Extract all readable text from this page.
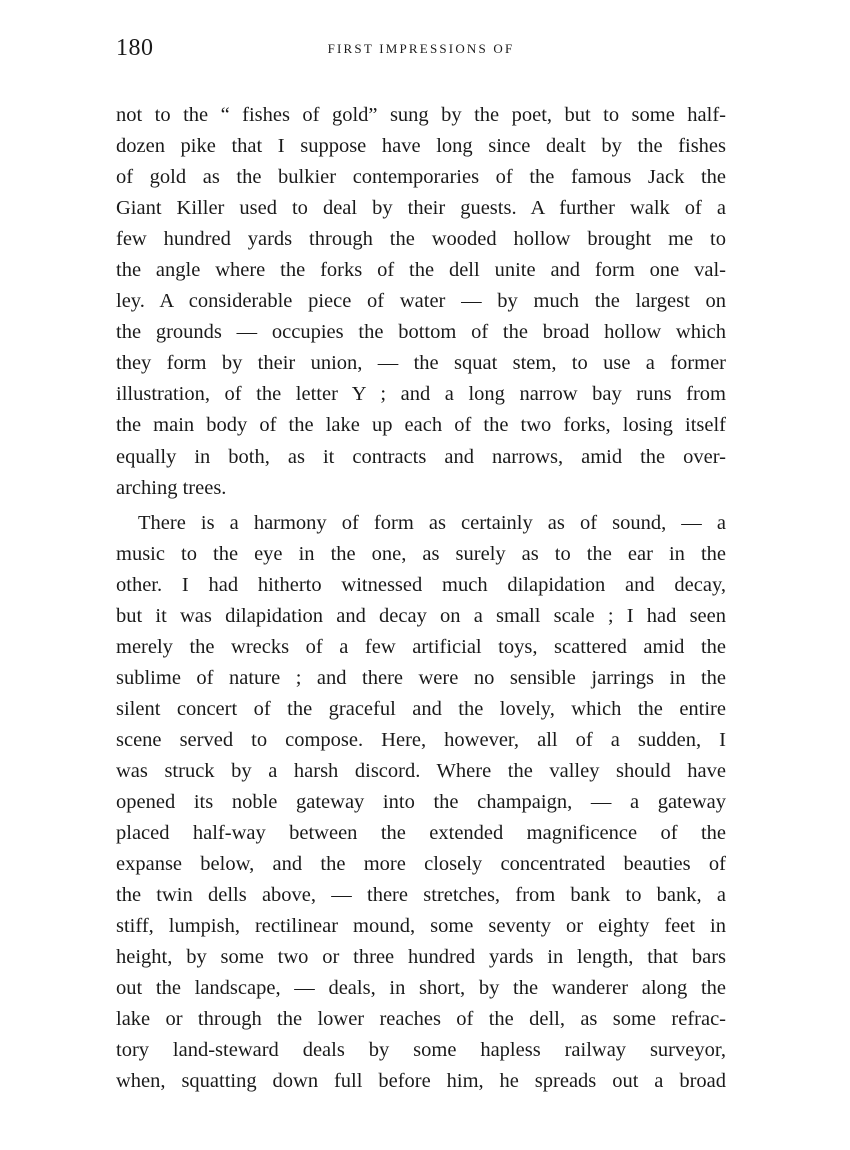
180	FIRST IMPRESSIONS OF
not to the “ fishes of gold” sung by the poet, but to some half-
dozen pike that I suppose have long since dealt by the fishes
of gold as the bulkier contemporaries of the famous Jack the
Giant Killer used to deal by their guests. A further walk of a
few hundred yards through the wooded hollow brought me to
the angle where the forks of the dell unite and form one val-
ley. A considerable piece of water — by much the largest on
the grounds — occupies the bottom of the broad hollow which
they form by their union, — the squat stem, to use a former
illustration, of the letter Y ; and a long narrow bay runs from
the main body of the lake up each of the two forks, losing itself
equally in both, as it contracts and narrows, amid the over-
arching trees.
There is a harmony of form as certainly as of sound, — a
music to the eye in the one, as surely as to the ear in the
other. I had hitherto witnessed much dilapidation and decay,
but it was dilapidation and decay on a small scale ; I had seen
merely the wrecks of a few artificial toys, scattered amid the
sublime of nature ; and there were no sensible jarrings in the
silent concert of the graceful and the lovely, which the entire
scene served to compose. Here, however, all of a sudden, I
was struck by a harsh discord. Where the valley should have
opened its noble gateway into the champaign, — a gateway
placed half-way between the extended magnificence of the
expanse below, and the more closely concentrated beauties of
the twin dells above, — there stretches, from bank to bank, a
stiff, lumpish, rectilinear mound, some seventy or eighty feet in
height, by some two or three hundred yards in length, that bars
out the landscape, — deals, in short, by the wanderer along the
lake or through the lower reaches of the dell, as some refrac-
tory land-steward deals by some hapless railway surveyor,
when, squatting down full before him, he spreads out a broad
